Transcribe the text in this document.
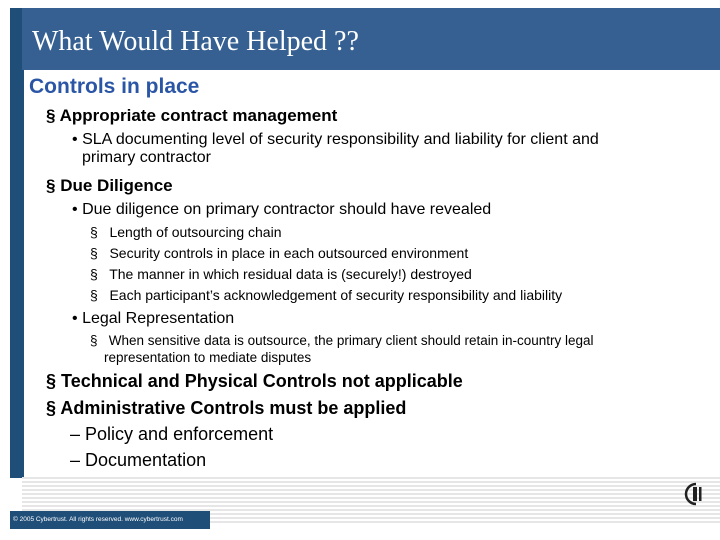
What Would Have Helped ??
Controls in place
§ Appropriate contract management
• SLA documenting level of security responsibility and liability for client and
primary contractor
§ Due Diligence
• Due diligence on primary contractor should have revealed
§ Length of outsourcing chain
§ Security controls in place in each outsourced environment
§ The manner in which residual data is (securely!) destroyed
§ Each participant’s acknowledgement of security responsibility and liability
• Legal Representation
§ When sensitive data is outsource, the primary client should retain in-country legal
representation to mediate disputes
§ Technical and Physical Controls not applicable
§ Administrative Controls must be applied
– Policy and enforcement
– Documentation
© 2005 Cybertrust. All rights reserved. www.cybertrust.com
